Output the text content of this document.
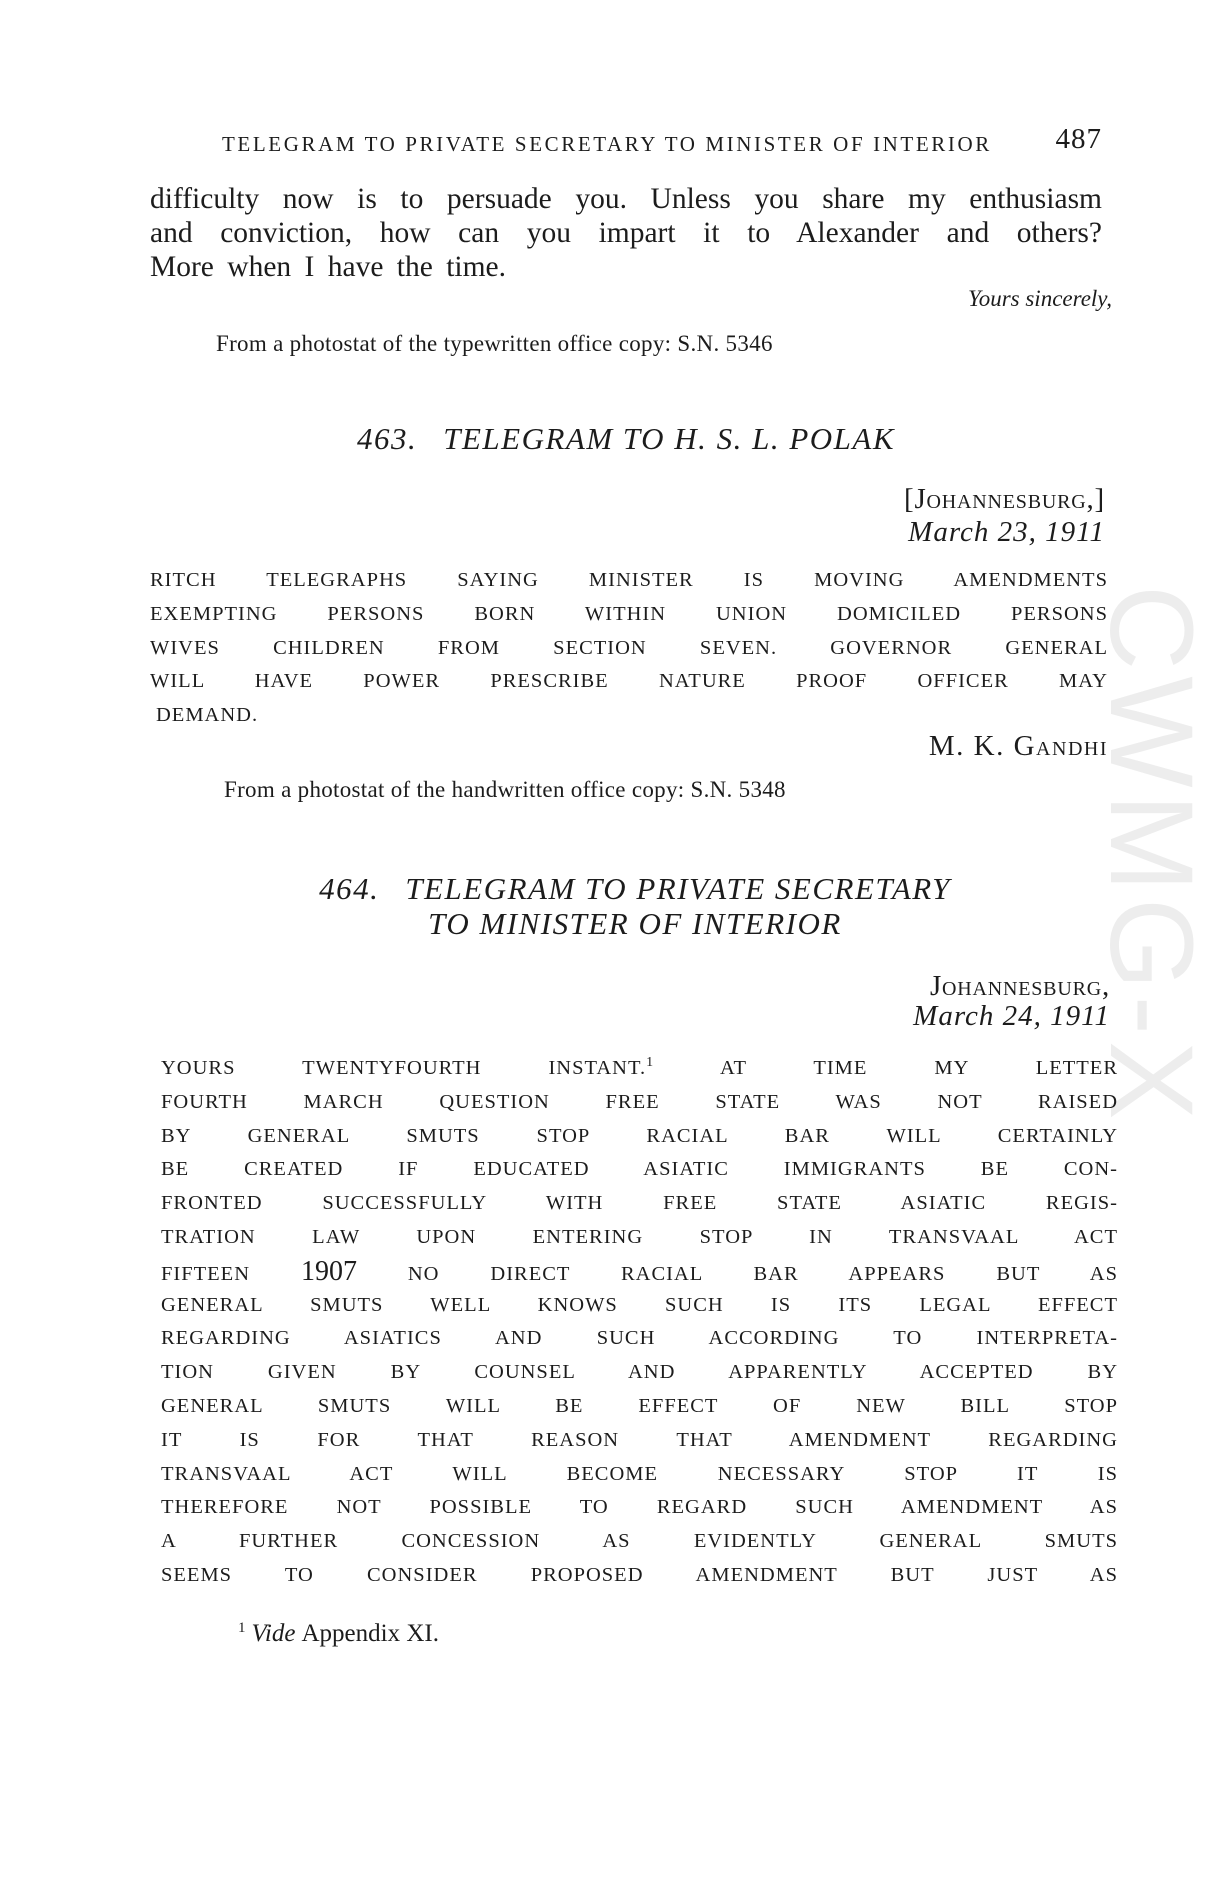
CWMG-X
TELEGRAM TO PRIVATE SECRETARY TO MINISTER OF INTERIOR 487
difficulty now is to persuade you. Unless you share my enthusiasm
and conviction, how can you impart it to Alexander and others?
More when I have the time.
Yours sincerely,
From a photostat of the typewritten office copy: S.N. 5346
463. TELEGRAM TO H. S. L. POLAK
[Johannesburg,]
March 23, 1911
RITCH TELEGRAPHS SAYING MINISTER IS MOVING AMENDMENTS
EXEMPTING PERSONS BORN WITHIN UNION DOMICILED PERSONS
WIVES CHILDREN FROM SECTION SEVEN. GOVERNOR GENERAL
WILL HAVE POWER PRESCRIBE NATURE PROOF OFFICER MAY
DEMAND.
M. K. Gandhi
From a photostat of the handwritten office copy: S.N. 5348
464. TELEGRAM TO PRIVATE SECRETARY
TO MINISTER OF INTERIOR
Johannesburg,
March 24, 1911
YOURS TWENTYFOURTH INSTANT.$^1$ AT TIME MY LETTER
FOURTH MARCH QUESTION FREE STATE WAS NOT RAISED
BY GENERAL SMUTS STOP RACIAL BAR WILL CERTAINLY
BE CREATED IF EDUCATED ASIATIC IMMIGRANTS BE CON-
FRONTED SUCCESSFULLY WITH FREE STATE ASIATIC REGIS-
TRATION LAW UPON ENTERING STOP IN TRANSVAAL ACT
FIFTEEN 1907 NO DIRECT RACIAL BAR APPEARS BUT AS
GENERAL SMUTS WELL KNOWS SUCH IS ITS LEGAL EFFECT
REGARDING ASIATICS AND SUCH ACCORDING TO INTERPRETA-
TION GIVEN BY COUNSEL AND APPARENTLY ACCEPTED BY
GENERAL SMUTS WILL BE EFFECT OF NEW BILL STOP
IT IS FOR THAT REASON THAT AMENDMENT REGARDING
TRANSVAAL ACT WILL BECOME NECESSARY STOP IT IS
THEREFORE NOT POSSIBLE TO REGARD SUCH AMENDMENT AS
A FURTHER CONCESSION AS EVIDENTLY GENERAL SMUTS
SEEMS TO CONSIDER PROPOSED AMENDMENT BUT JUST AS
$^1$ Vide Appendix XI.
